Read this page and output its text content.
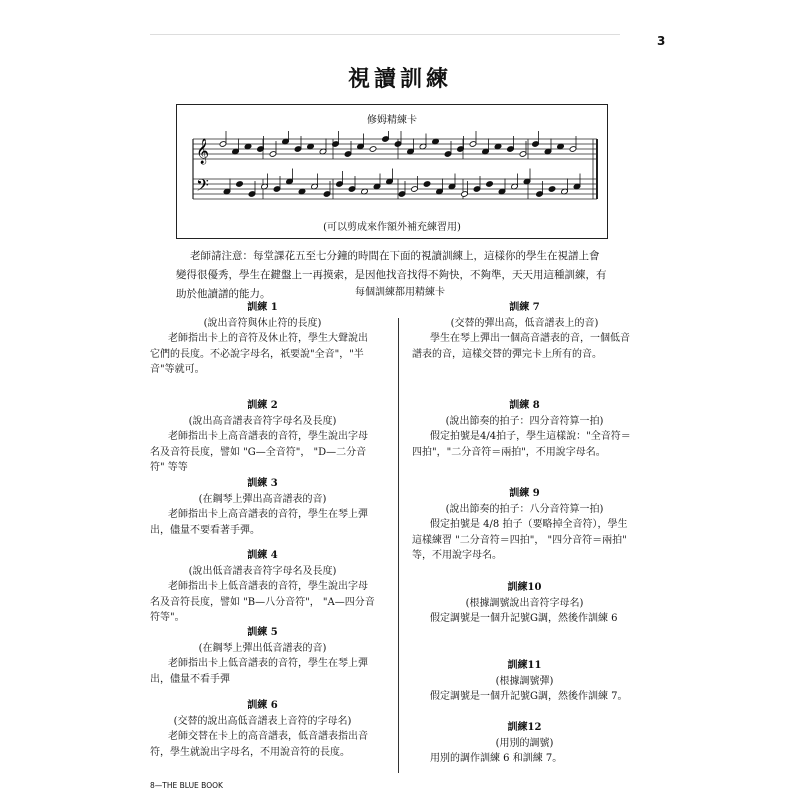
3
視讀訓練
修姆精練卡
𝄞
𝄢
(可以剪成來作額外補充練習用)
老師請注意：每堂課花五至七分鐘的時間在下面的視讀訓練上，這樣你的學生在視譜上會變得很優秀，學生在鍵盤上一再摸索，是因他找音找得不夠快，不夠準，天天用這種訓練，有助於他讀譜的能力。	每個訓練都用精練卡
訓練 1
(說出音符與休止符的長度)
老師指出卡上的音符及休止符，學生大聲說出它們的長度。不必說字母名，祇要說"全音"，"半音"等就可。
訓練 2
(說出高音譜表音符字母名及長度)
老師指出卡上高音譜表的音符，學生說出字母名及音符長度，譬如 "G—全音符"， "D—二分音符" 等等
訓練 3
(在鋼琴上彈出高音譜表的音)
老師指出卡上高音譜表的音符，學生在琴上彈出，儘量不要看著手彈。
訓練 4
(說出低音譜表音符字母名及長度)
老師指出卡上低音譜表的音符，學生說出字母名及音符長度，譬如 "B—八分音符"， "A—四分音符等"。
訓練 5
(在鋼琴上彈出低音譜表的音)
老師指出卡上低音譜表的音符，學生在琴上彈出，儘量不看手彈
訓練 6
(交替的說出高低音譜表上音符的字母名)
老師交替在卡上的高音譜表，低音譜表指出音符，學生就說出字母名，不用說音符的長度。
訓練 7
(交替的彈出高，低音譜表上的音)
學生在琴上彈出一個高音譜表的音，一個低音譜表的音，這樣交替的彈完卡上所有的音。
訓練 8
(說出節奏的拍子：四分音符算一拍)
假定拍號是4/4拍子，學生這樣說："全音符＝四拍"，"二分音符＝兩拍"，不用說字母名。
訓練 9
(說出節奏的拍子：八分音符算一拍)
假定拍號是 4/8 拍子（要略掉全音符），學生這樣練習 "二分音符＝四拍"， "四分音符＝兩拍" 等，不用說字母名。
訓練10
(根據調號說出音符字母名)
假定調號是一個升記號G調，然後作訓練 6
訓練11
(根據調號彈)
假定調號是一個升記號G調，然後作訓練 7。
訓練12
(用別的調號)
用別的調作訓練 6 和訓練 7。
8—THE BLUE BOOK
